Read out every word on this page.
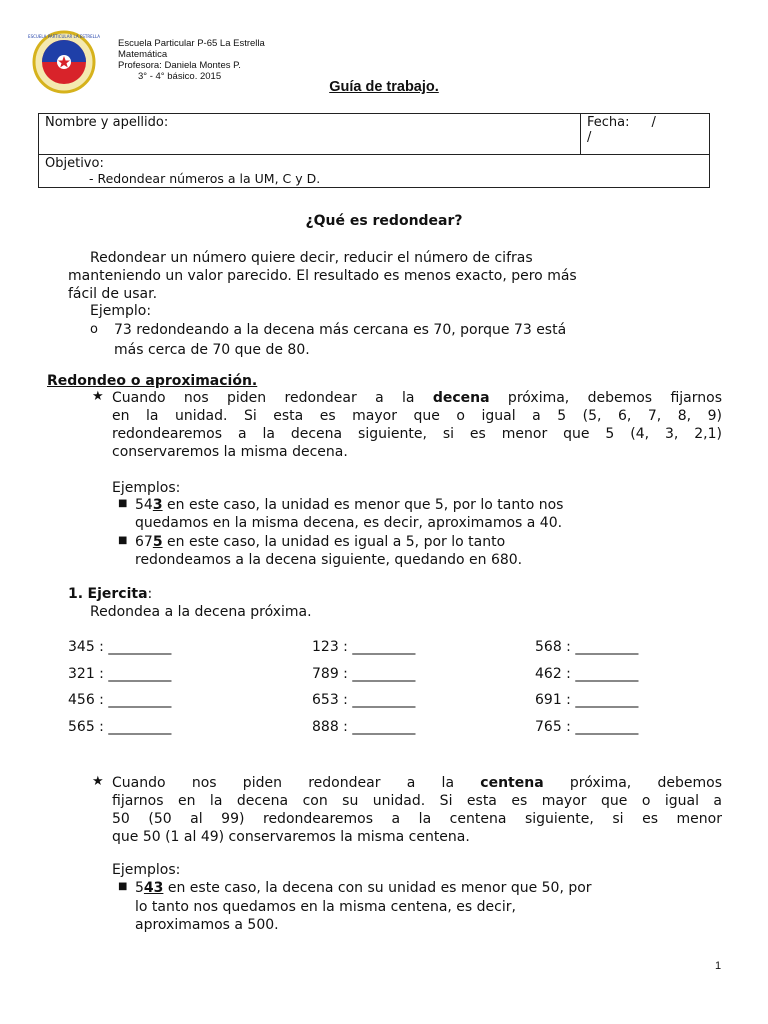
ESCUELA PARTICULAR LA ESTRELLA
Escuela Particular P-65 La Estrella
Matemática
Profesora: Daniela Montes P.
3° - 4° básico. 2015
Guía de trabajo.
Nombre y apellido:	Fecha: /
/

Objetivo:
- Redondear números a la UM, C y D.
¿Qué es redondear?
Redondear un número quiere decir, reducir el número de cifras
manteniendo un valor parecido. El resultado es menos exacto, pero más
fácil de usar.
Ejemplo:
o 73 redondeando a la decena más cercana es 70, porque 73 está
más cerca de 70 que de 80.
Redondeo o aproximación.
★ Cuando nos piden redondear a la decena próxima, debemos fijarnos
en la unidad. Si esta es mayor que o igual a 5 (5, 6, 7, 8, 9)
redondearemos a la decena siguiente, si es menor que 5 (4, 3, 2,1)
conservaremos la misma decena.
Ejemplos:
■ 543 en este caso, la unidad es menor que 5, por lo tanto nos
quedamos en la misma decena, es decir, aproximamos a 40.
■ 675 en este caso, la unidad es igual a 5, por lo tanto
redondeamos a la decena siguiente, quedando en 680.
1. Ejercita:
Redondea a la decena próxima.
345 : _________	123 : _________	568 : _________
321 : _________	789 : _________	462 : _________
456 : _________	653 : _________	691 : _________
565 : _________	888 : _________	765 : _________
★ Cuando nos piden redondear a la centena próxima, debemos
fijarnos en la decena con su unidad. Si esta es mayor que o igual a
50 (50 al 99) redondearemos a la centena siguiente, si es menor
que 50 (1 al 49) conservaremos la misma centena.
Ejemplos:
■ 543 en este caso, la decena con su unidad es menor que 50, por
lo tanto nos quedamos en la misma centena, es decir,
aproximamos a 500.
1
